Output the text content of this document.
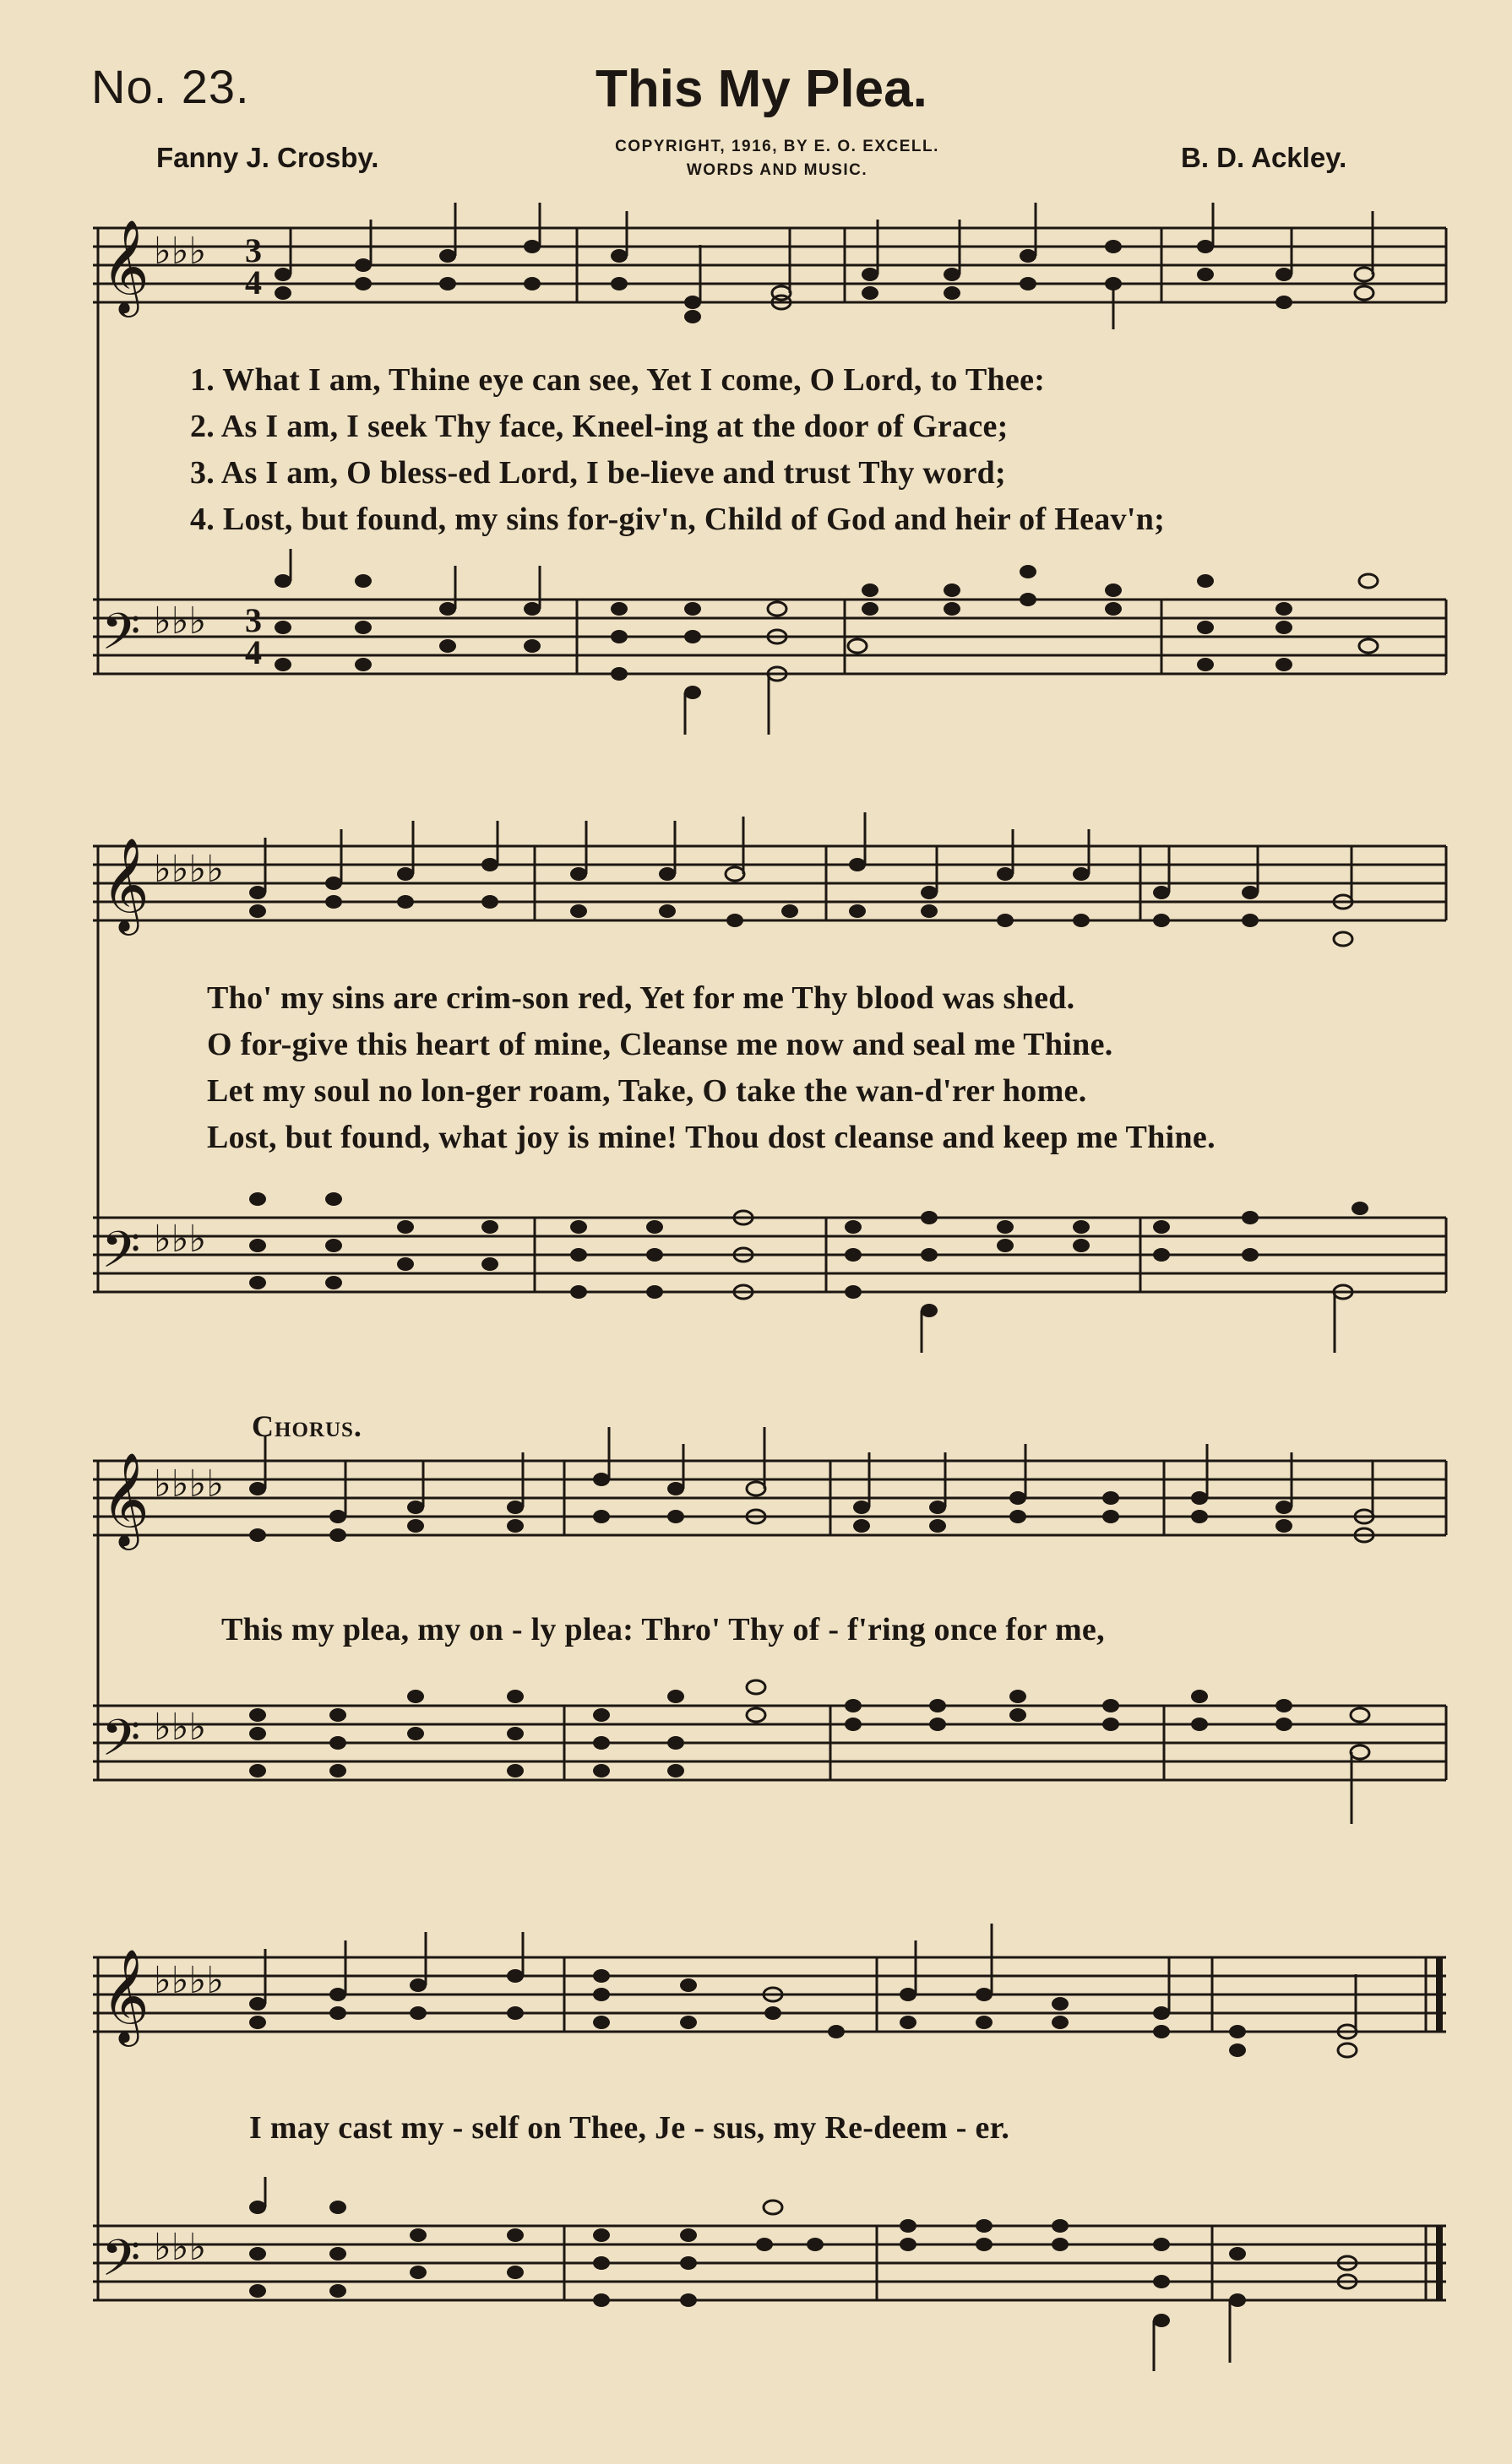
No. 23.	This My Plea.
Fanny J. Crosby.	COPYRIGHT, 1916, BY E. O. EXCELL.
WORDS AND MUSIC.	B. D. Ackley.
𝄞
𝄢
♭♭♭
♭♭♭
3
4
3
4
1. What I am, Thine eye can see, Yet I come, O Lord, to Thee:
2. As I am, I seek Thy face, Kneel-ing at the door of Grace;
3. As I am, O bless-ed Lord, I be-lieve and trust Thy word;
4. Lost, but found, my sins for-giv'n, Child of God and heir of Heav'n;
𝄞
𝄢
♭♭♭♭
♭♭♭
Tho' my sins are crim-son red, Yet for me Thy blood was shed.
O for-give this heart of mine, Cleanse me now and seal me Thine.
Let my soul no lon-ger roam, Take, O take the wan-d'rer home.
Lost, but found, what joy is mine! Thou dost cleanse and keep me Thine.
Chorus.
𝄞
𝄢
♭♭♭♭
♭♭♭
This my plea, my on - ly plea: Thro' Thy of - f'ring once for me,
𝄞
𝄢
♭♭♭♭
♭♭♭
I may cast my - self on Thee, Je - sus, my Re-deem - er.
